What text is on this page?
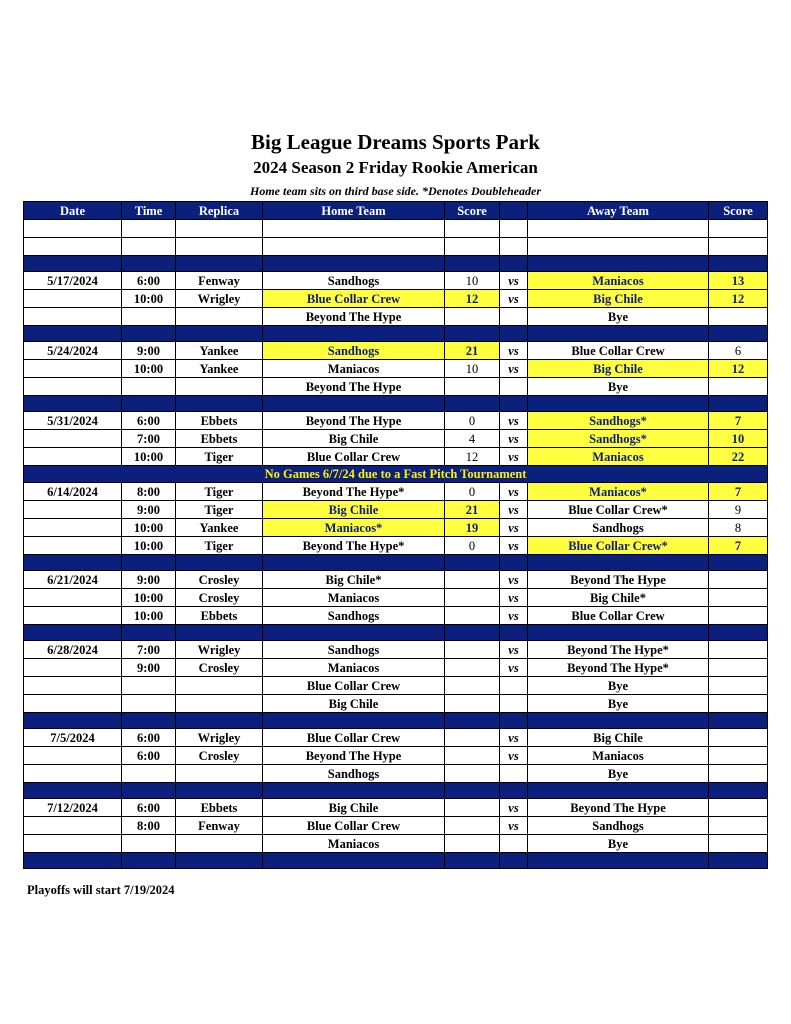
Big League Dreams Sports Park
2024 Season 2 Friday Rookie American
Home team sits on third base side. *Denotes Doubleheader
Date	Time	Replica	Home Team	Score		Away Team	Score

5/17/2024	6:00	Fenway	Sandhogs	10	vs	Maniacos	13
	10:00	Wrigley	Blue Collar Crew	12	vs	Big Chile	12
			Beyond The Hype			Bye	

5/24/2024	9:00	Yankee	Sandhogs	21	vs	Blue Collar Crew	6
	10:00	Yankee	Maniacos	10	vs	Big Chile	12
			Beyond The Hype			Bye	

5/31/2024	6:00	Ebbets	Beyond The Hype	0	vs	Sandhogs*	7
	7:00	Ebbets	Big Chile	4	vs	Sandhogs*	10
	10:00	Tiger	Blue Collar Crew	12	vs	Maniacos	22
No Games 6/7/24 due to a Fast Pitch Tournament							
6/14/2024	8:00	Tiger	Beyond The Hype*	0	vs	Maniacos*	7
	9:00	Tiger	Big Chile	21	vs	Blue Collar Crew*	9
	10:00	Yankee	Maniacos*	19	vs	Sandhogs	8
	10:00	Tiger	Beyond The Hype*	0	vs	Blue Collar Crew*	7

6/21/2024	9:00	Crosley	Big Chile*		vs	Beyond The Hype	
	10:00	Crosley	Maniacos		vs	Big Chile*	
	10:00	Ebbets	Sandhogs		vs	Blue Collar Crew	

6/28/2024	7:00	Wrigley	Sandhogs		vs	Beyond The Hype*	
	9:00	Crosley	Maniacos		vs	Beyond The Hype*	
			Blue Collar Crew			Bye	
			Big Chile			Bye	

7/5/2024	6:00	Wrigley	Blue Collar Crew		vs	Big Chile	
	6:00	Crosley	Beyond The Hype		vs	Maniacos	
			Sandhogs			Bye	

7/12/2024	6:00	Ebbets	Big Chile		vs	Beyond The Hype	
	8:00	Fenway	Blue Collar Crew		vs	Sandhogs	
			Maniacos			Bye	

Playoffs will start 7/19/2024
